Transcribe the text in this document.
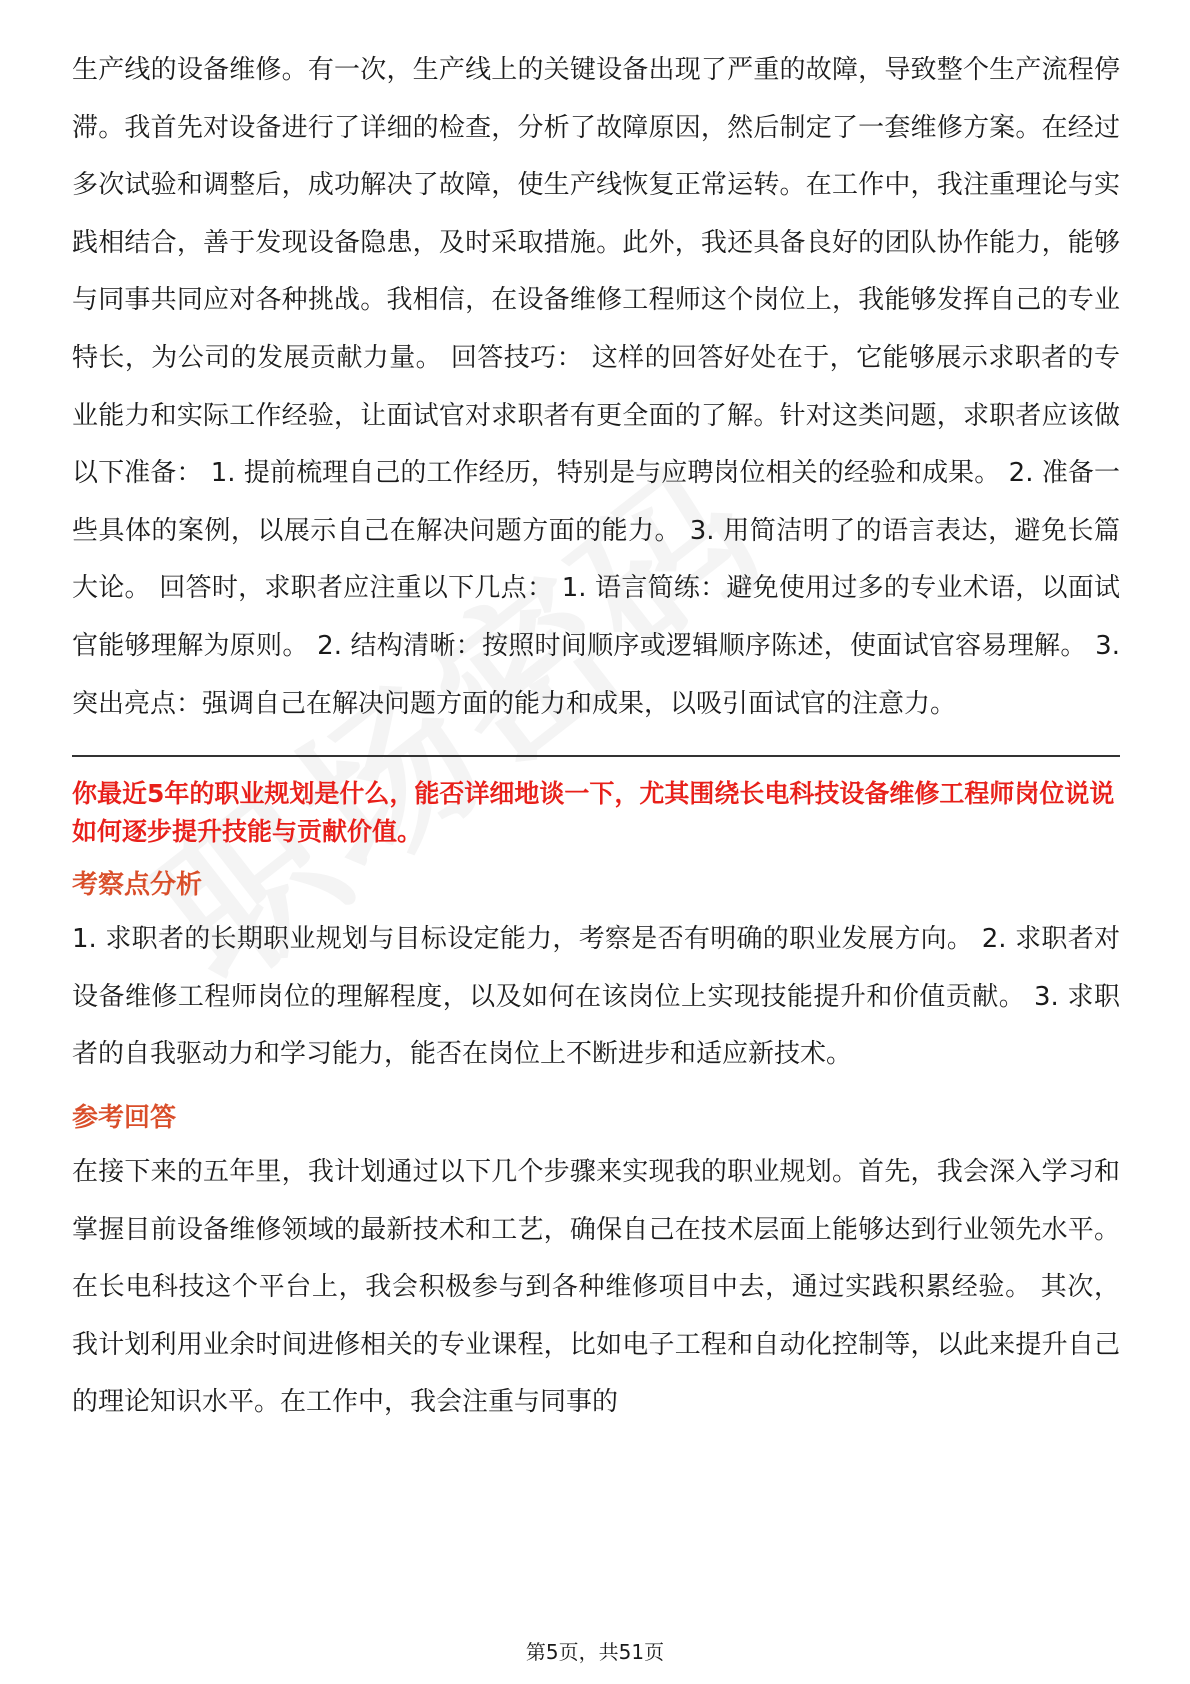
生产线的设备维修。有一次，生产线上的关键设备出现了严重的故障，导致整个生产流程停滞。我首先对设备进行了详细的检查，分析了故障原因，然后制定了一套维修方案。在经过多次试验和调整后，成功解决了故障，使生产线恢复正常运转。在工作中，我注重理论与实践相结合，善于发现设备隐患，及时采取措施。此外，我还具备良好的团队协作能力，能够与同事共同应对各种挑战。我相信，在设备维修工程师这个岗位上，我能够发挥自己的专业特长，为公司的发展贡献力量。 回答技巧： 这样的回答好处在于，它能够展示求职者的专业能力和实际工作经验，让面试官对求职者有更全面的了解。针对这类问题，求职者应该做以下准备： 1. 提前梳理自己的工作经历，特别是与应聘岗位相关的经验和成果。 2. 准备一些具体的案例，以展示自己在解决问题方面的能力。 3. 用简洁明了的语言表达，避免长篇大论。 回答时，求职者应注重以下几点： 1. 语言简练：避免使用过多的专业术语，以面试官能够理解为原则。 2. 结构清晰：按照时间顺序或逻辑顺序陈述，使面试官容易理解。 3. 突出亮点：强调自己在解决问题方面的能力和成果，以吸引面试官的注意力。

你最近5年的职业规划是什么，能否详细地谈一下，尤其围绕长电科技设备维修工程师岗位说说如何逐步提升技能与贡献价值。

考察点分析

1. 求职者的长期职业规划与目标设定能力，考察是否有明确的职业发展方向。 2. 求职者对设备维修工程师岗位的理解程度，以及如何在该岗位上实现技能提升和价值贡献。 3. 求职者的自我驱动力和学习能力，能否在岗位上不断进步和适应新技术。

参考回答

在接下来的五年里，我计划通过以下几个步骤来实现我的职业规划。首先，我会深入学习和掌握目前设备维修领域的最新技术和工艺，确保自己在技术层面上能够达到行业领先水平。在长电科技这个平台上，我会积极参与到各种维修项目中去，通过实践积累经验。 其次，我计划利用业余时间进修相关的专业课程，比如电子工程和自动化控制等，以此来提升自己的理论知识水平。在工作中，我会注重与同事的

第5页，共51页
